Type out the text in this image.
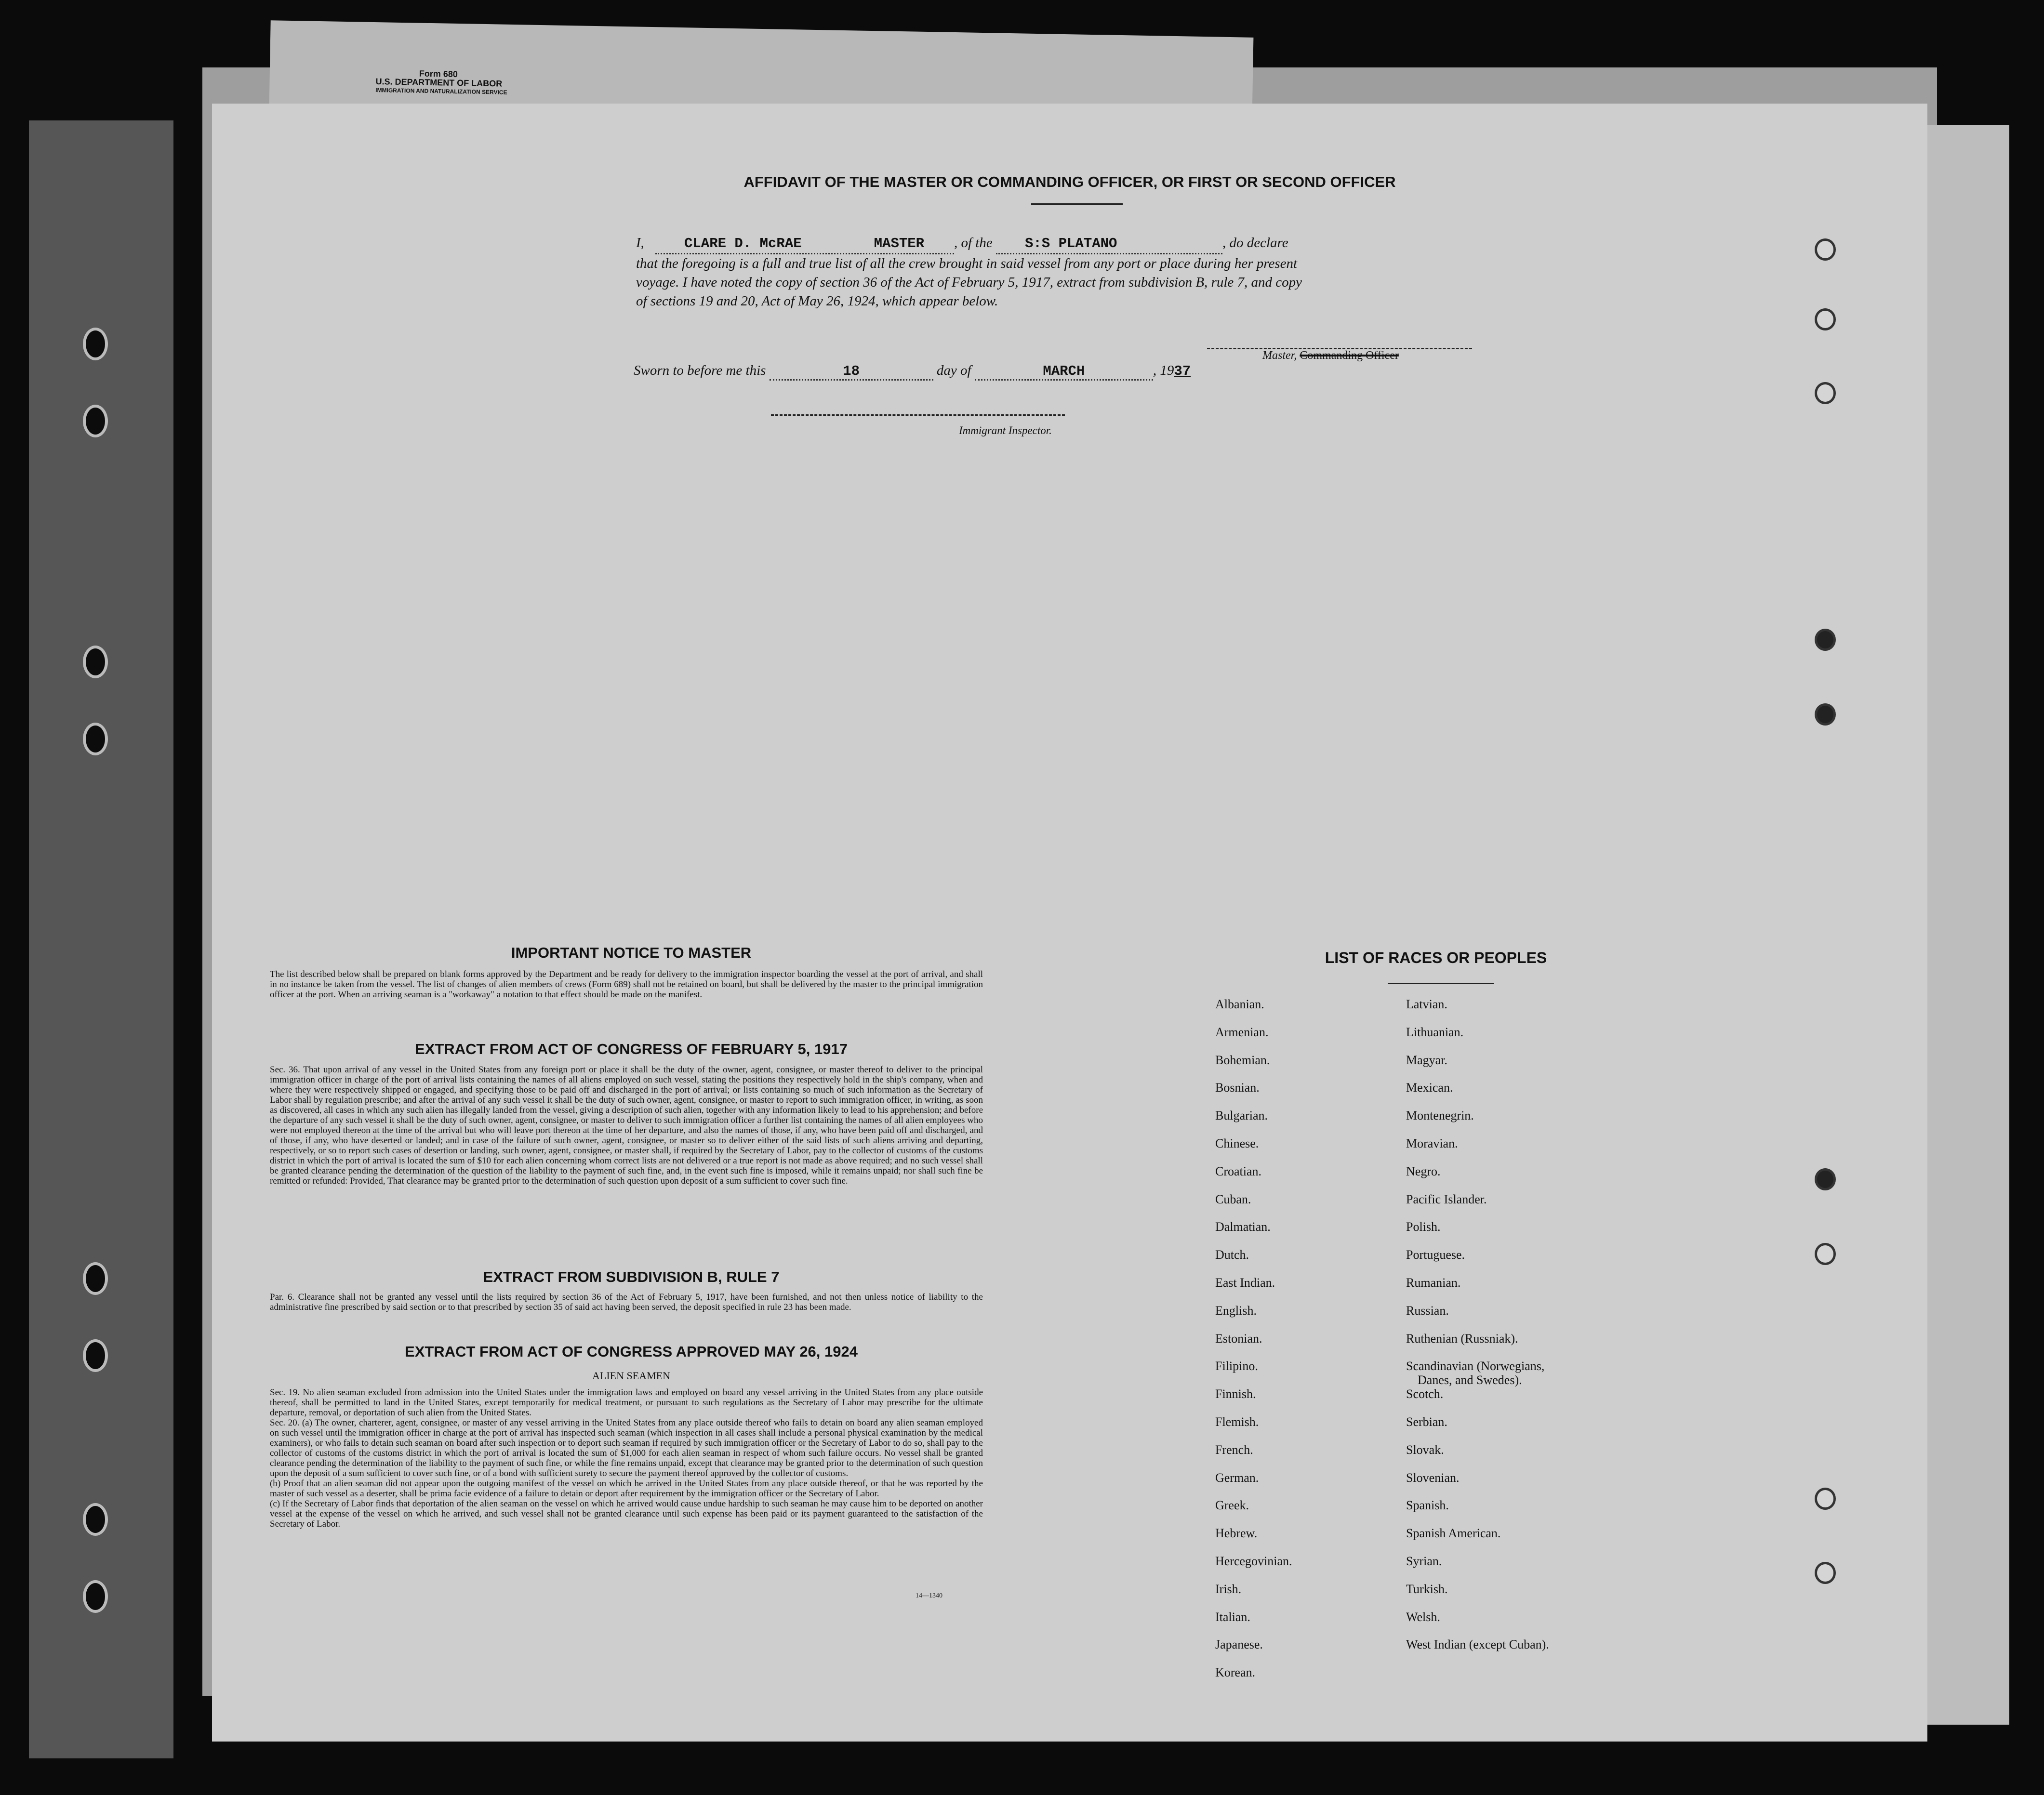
Form 680
U.S. DEPARTMENT OF LABOR
IMMIGRATION AND NATURALIZATION SERVICE
AFFIDAVIT OF THE MASTER OR COMMANDING OFFICER, OR FIRST OR SECOND OFFICER
I,	CLARE D. McRAE	MASTER , of the S:S PLATANO	, do declare
that the foregoing is a full and true list of all the crew brought in said vessel from any port or place during her present
voyage. I have noted the copy of section 36 of the Act of February 5, 1917, extract from subdivision B, rule 7, and copy
of sections 19 and 20, Act of May 26, 1924, which appear below.
Master, Commanding Officer
Sworn to before me this	18	day of	MARCH	, 1937
Immigrant Inspector.
IMPORTANT NOTICE TO MASTER
The list described below shall be prepared on blank forms approved by the Department and be ready for delivery to the immigration inspector boarding the vessel at the port of arrival, and shall in no instance be taken from the vessel. The list of changes of alien members of crews (Form 689) shall not be retained on board, but shall be delivered by the master to the principal immigration officer at the port. When an arriving seaman is a "workaway" a notation to that effect should be made on the manifest.
EXTRACT FROM ACT OF CONGRESS OF FEBRUARY 5, 1917
Sec. 36. That upon arrival of any vessel in the United States from any foreign port or place it shall be the duty of the owner, agent, consignee, or master thereof to deliver to the principal immigration officer in charge of the port of arrival lists containing the names of all aliens employed on such vessel, stating the positions they respectively hold in the ship's company, when and where they were respectively shipped or engaged, and specifying those to be paid off and discharged in the port of arrival; or lists containing so much of such information as the Secretary of Labor shall by regulation prescribe; and after the arrival of any such vessel it shall be the duty of such owner, agent, consignee, or master to report to such immigration officer, in writing, as soon as discovered, all cases in which any such alien has illegally landed from the vessel, giving a description of such alien, together with any information likely to lead to his apprehension; and before the departure of any such vessel it shall be the duty of such owner, agent, consignee, or master to deliver to such immigration officer a further list containing the names of all alien employees who were not employed thereon at the time of the arrival but who will leave port thereon at the time of her departure, and also the names of those, if any, who have been paid off and discharged, and of those, if any, who have deserted or landed; and in case of the failure of such owner, agent, consignee, or master so to deliver either of the said lists of such aliens arriving and departing, respectively, or so to report such cases of desertion or landing, such owner, agent, consignee, or master shall, if required by the Secretary of Labor, pay to the collector of customs of the customs district in which the port of arrival is located the sum of $10 for each alien concerning whom correct lists are not delivered or a true report is not made as above required; and no such vessel shall be granted clearance pending the determination of the question of the liability to the payment of such fine, and, in the event such fine is imposed, while it remains unpaid; nor shall such fine be remitted or refunded: Provided, That clearance may be granted prior to the determination of such question upon deposit of a sum sufficient to cover such fine.
EXTRACT FROM SUBDIVISION B, RULE 7
Par. 6. Clearance shall not be granted any vessel until the lists required by section 36 of the Act of February 5, 1917, have been furnished, and not then unless notice of liability to the administrative fine prescribed by said section or to that prescribed by section 35 of said act having been served, the deposit specified in rule 23 has been made.
EXTRACT FROM ACT OF CONGRESS APPROVED MAY 26, 1924
ALIEN SEAMEN
Sec. 19. No alien seaman excluded from admission into the United States under the immigration laws and employed on board any vessel arriving in the United States from any place outside thereof, shall be permitted to land in the United States, except temporarily for medical treatment, or pursuant to such regulations as the Secretary of Labor may prescribe for the ultimate departure, removal, or deportation of such alien from the United States.
Sec. 20. (a) The owner, charterer, agent, consignee, or master of any vessel arriving in the United States from any place outside thereof who fails to detain on board any alien seaman employed on such vessel until the immigration officer in charge at the port of arrival has inspected such seaman (which inspection in all cases shall include a personal physical examination by the medical examiners), or who fails to detain such seaman on board after such inspection or to deport such seaman if required by such immigration officer or the Secretary of Labor to do so, shall pay to the collector of customs of the customs district in which the port of arrival is located the sum of $1,000 for each alien seaman in respect of whom such failure occurs. No vessel shall be granted clearance pending the determination of the liability to the payment of such fine, or while the fine remains unpaid, except that clearance may be granted prior to the determination of such question upon the deposit of a sum sufficient to cover such fine, or of a bond with sufficient surety to secure the payment thereof approved by the collector of customs.
(b) Proof that an alien seaman did not appear upon the outgoing manifest of the vessel on which he arrived in the United States from any place outside thereof, or that he was reported by the master of such vessel as a deserter, shall be prima facie evidence of a failure to detain or deport after requirement by the immigration officer or the Secretary of Labor.
(c) If the Secretary of Labor finds that deportation of the alien seaman on the vessel on which he arrived would cause undue hardship to such seaman he may cause him to be deported on another vessel at the expense of the vessel on which he arrived, and such vessel shall not be granted clearance until such expense has been paid or its payment guaranteed to the satisfaction of the Secretary of Labor.
14—1340
LIST OF RACES OR PEOPLES
Albanian.
Armenian.
Bohemian.
Bosnian.
Bulgarian.
Chinese.
Croatian.
Cuban.
Dalmatian.
Dutch.
East Indian.
English.
Estonian.
Filipino.
Finnish.
Flemish.
French.
German.
Greek.
Hebrew.
Hercegovinian.
Irish.
Italian.
Japanese.
Korean.
Latvian.
Lithuanian.
Magyar.
Mexican.
Montenegrin.
Moravian.
Negro.
Pacific Islander.
Polish.
Portuguese.
Rumanian.
Russian.
Ruthenian (Russniak).
Scandinavian (Norwegians,
Danes, and Swedes).
Scotch.
Serbian.
Slovak.
Slovenian.
Spanish.
Spanish American.
Syrian.
Turkish.
Welsh.
West Indian (except Cuban).
